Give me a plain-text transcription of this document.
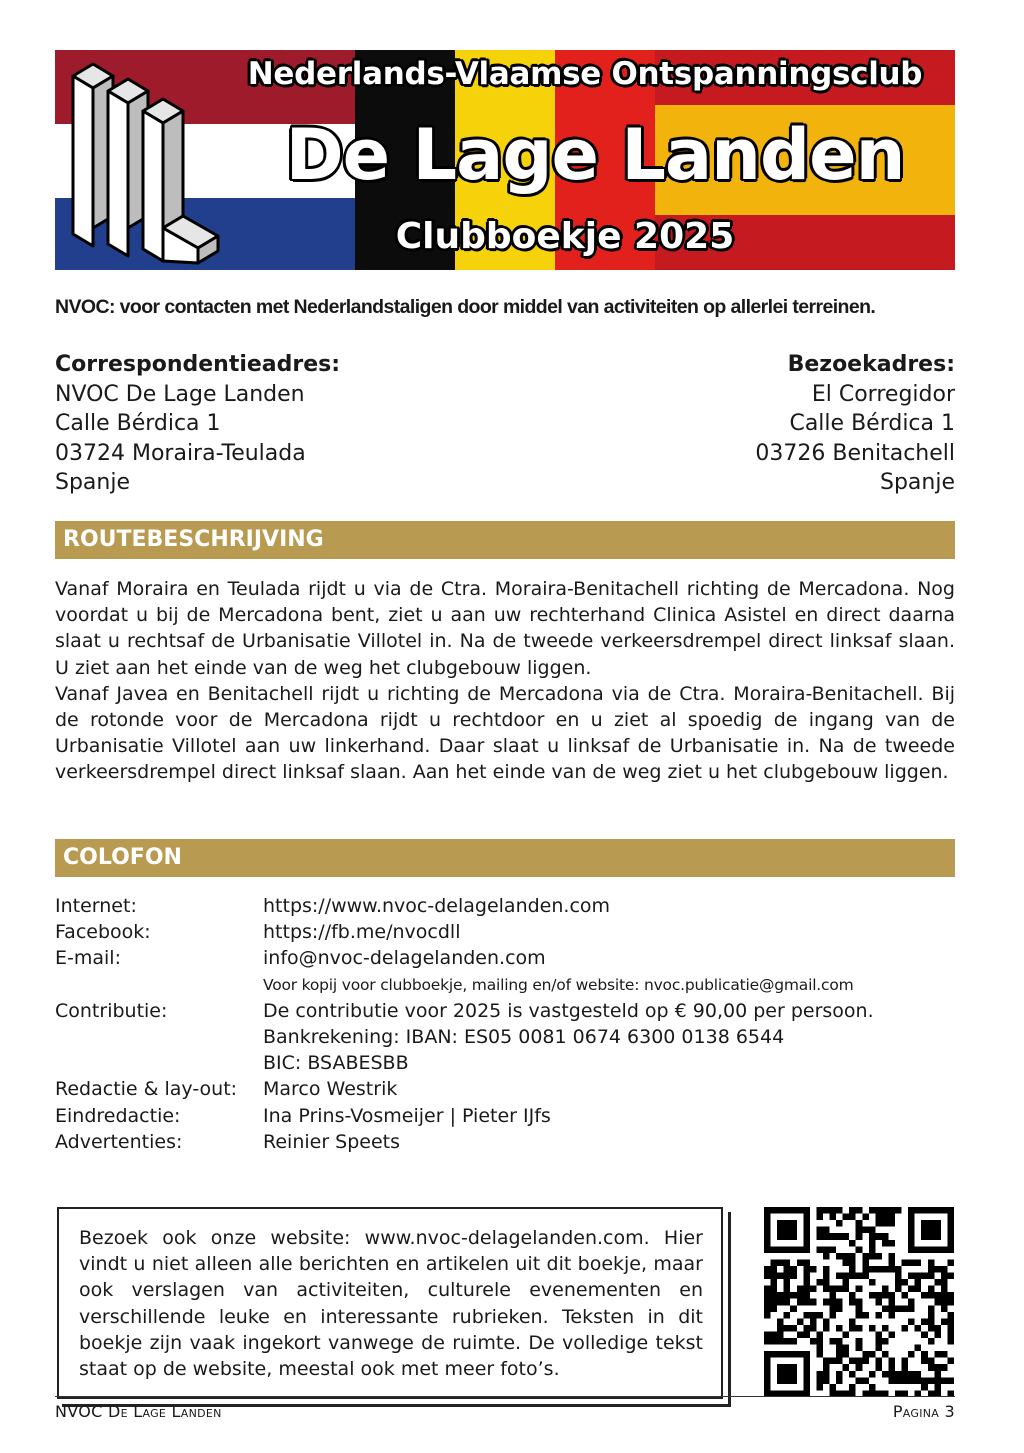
Nederlands-Vlaamse Ontspanningsclub

De Lage Landen

Clubboekje 2025

NVOC: voor contacten met Nederlandstaligen door middel van activiteiten op allerlei terreinen.
Correspondentieadres:
NVOC De Lage Landen
Calle Bérdica 1
03724 Moraira-Teulada
Spanje
Bezoekadres:
El Corregidor
Calle Bérdica 1
03726 Benitachell
Spanje
ROUTEBESCHRIJVING

Vanaf Moraira en Teulada rijdt u via de Ctra. Moraira-Benitachell richting de Mercadona. Nog voordat u bij de Mercadona bent, ziet u aan uw rechterhand Clinica Asistel en direct daarna slaat u rechtsaf de Urbanisatie Villotel in. Na de tweede verkeersdrempel direct linksaf slaan. U ziet aan het einde van de weg het clubgebouw liggen.

Vanaf Javea en Benitachell rijdt u richting de Mercadona via de Ctra. Moraira-Benitachell. Bij de rotonde voor de Mercadona rijdt u rechtdoor en u ziet al spoedig de ingang van de Urbanisatie Villotel aan uw linkerhand. Daar slaat u linksaf de Urbanisatie in. Na de tweede verkeersdrempel direct linksaf slaan. Aan het einde van de weg ziet u het clubgebouw liggen.

COLOFON
Internet:	https://www.nvoc-delagelanden.com
Facebook:	https://fb.me/nvocdll
E-mail:	info@nvoc-delagelanden.com
Voor kopij voor clubboekje, mailing en/of website: nvoc.publicatie@gmail.com
Contributie:	De contributie voor 2025 is vastgesteld op € 90,00 per persoon.
Bankrekening: IBAN: ES05 0081 0674 6300 0138 6544
BIC: BSABESBB
Redactie & lay-out:	Marco Westrik
Eindredactie:	Ina Prins-Vosmeijer | Pieter IJfs
Advertenties:	Reinier Speets

Bezoek ook onze website: www.nvoc-delagelanden.com. Hier vindt u niet alleen alle berichten en artikelen uit dit boekje, maar ook verslagen van activiteiten, culturele evenementen en verschillende leuke en interessante rubrieken. Teksten in dit boekje zijn vaak ingekort vanwege de ruimte. De volledige tekst staat op de website, meestal ook met meer foto’s.

NVOC De Lage Landen	Pagina 3
